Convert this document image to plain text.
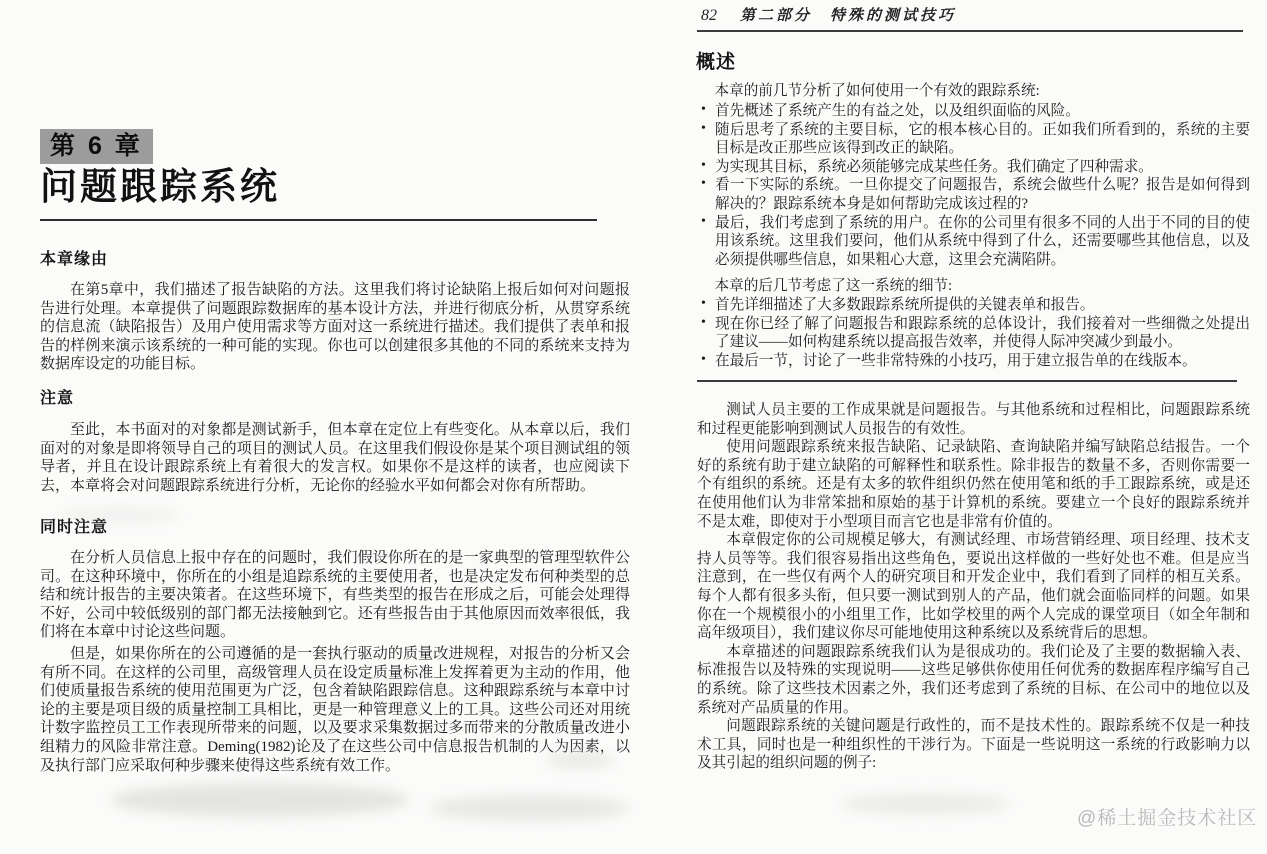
第 6 章
问题跟踪系统
本章缘由
在第5章中，我们描述了报告缺陷的方法。这里我们将讨论缺陷上报后如何对问题报告进行处理。本章提供了问题跟踪数据库的基本设计方法，并进行彻底分析，从贯穿系统的信息流（缺陷报告）及用户使用需求等方面对这一系统进行描述。我们提供了表单和报告的样例来演示该系统的一种可能的实现。你也可以创建很多其他的不同的系统来支持为数据库设定的功能目标。
注意
至此，本书面对的对象都是测试新手，但本章在定位上有些变化。从本章以后，我们面对的对象是即将领导自己的项目的测试人员。在这里我们假设你是某个项目测试组的领导者，并且在设计跟踪系统上有着很大的发言权。如果你不是这样的读者，也应阅读下去，本章将会对问题跟踪系统进行分析，无论你的经验水平如何都会对你有所帮助。
同时注意
在分析人员信息上报中存在的问题时，我们假设你所在的是一家典型的管理型软件公司。在这种环境中，你所在的小组是追踪系统的主要使用者，也是决定发布何种类型的总结和统计报告的主要决策者。在这些环境下，有些类型的报告在形成之后，可能会处理得不好，公司中较低级别的部门都无法接触到它。还有些报告由于其他原因而效率很低，我们将在本章中讨论这些问题。
但是，如果你所在的公司遵循的是一套执行驱动的质量改进规程，对报告的分析又会有所不同。在这样的公司里，高级管理人员在设定质量标准上发挥着更为主动的作用，他们使质量报告系统的使用范围更为广泛，包含着缺陷跟踪信息。这种跟踪系统与本章中讨论的主要是项目级的质量控制工具相比，更是一种管理意义上的工具。这些公司还对用统计数字监控员工工作表现所带来的问题，以及要求采集数据过多而带来的分散质量改进小组精力的风险非常注意。Deming(1982)论及了在这些公司中信息报告机制的人为因素，以及执行部门应采取何种步骤来使得这些系统有效工作。
82 第二部分　特殊的测试技巧
概述
本章的前几节分析了如何使用一个有效的跟踪系统:
• 首先概述了系统产生的有益之处，以及组织面临的风险。
• 随后思考了系统的主要目标，它的根本核心目的。正如我们所看到的，系统的主要目标是改正那些应该得到改正的缺陷。
• 为实现其目标，系统必须能够完成某些任务。我们确定了四种需求。
• 看一下实际的系统。一旦你提交了问题报告，系统会做些什么呢？报告是如何得到解决的？跟踪系统本身是如何帮助完成该过程的?
• 最后，我们考虑到了系统的用户。在你的公司里有很多不同的人出于不同的目的使用该系统。这里我们要问，他们从系统中得到了什么，还需要哪些其他信息，以及必须提供哪些信息，如果粗心大意，这里会充满陷阱。
本章的后几节考虑了这一系统的细节:
• 首先详细描述了大多数跟踪系统所提供的关键表单和报告。
• 现在你已经了解了问题报告和跟踪系统的总体设计，我们接着对一些细微之处提出了建议——如何构建系统以提高报告效率，并使得人际冲突减少到最小。
• 在最后一节，讨论了一些非常特殊的小技巧，用于建立报告单的在线版本。

测试人员主要的工作成果就是问题报告。与其他系统和过程相比，问题跟踪系统和过程更能影响到测试人员报告的有效性。

使用问题跟踪系统来报告缺陷、记录缺陷、查询缺陷并编写缺陷总结报告。一个好的系统有助于建立缺陷的可解释性和联系性。除非报告的数量不多，否则你需要一个有组织的系统。还是有太多的软件组织仍然在使用笔和纸的手工跟踪系统，或是还在使用他们认为非常笨拙和原始的基于计算机的系统。要建立一个良好的跟踪系统并不是太难，即使对于小型项目而言它也是非常有价值的。

本章假定你的公司规模足够大，有测试经理、市场营销经理、项目经理、技术支持人员等等。我们很容易指出这些角色，要说出这样做的一些好处也不难。但是应当注意到，在一些仅有两个人的研究项目和开发企业中，我们看到了同样的相互关系。每个人都有很多头衔，但只要一测试到别人的产品，他们就会面临同样的问题。如果你在一个规模很小的小组里工作，比如学校里的两个人完成的课堂项目（如全年制和高年级项目），我们建议你尽可能地使用这种系统以及系统背后的思想。

本章描述的问题跟踪系统我们认为是很成功的。我们论及了主要的数据输入表、标准报告以及特殊的实现说明——这些足够供你使用任何优秀的数据库程序编写自己的系统。除了这些技术因素之外，我们还考虑到了系统的目标、在公司中的地位以及系统对产品质量的作用。

问题跟踪系统的关键问题是行政性的，而不是技术性的。跟踪系统不仅是一种技术工具，同时也是一种组织性的干涉行为。下面是一些说明这一系统的行政影响力以及其引起的组织问题的例子:

@稀土掘金技术社区
